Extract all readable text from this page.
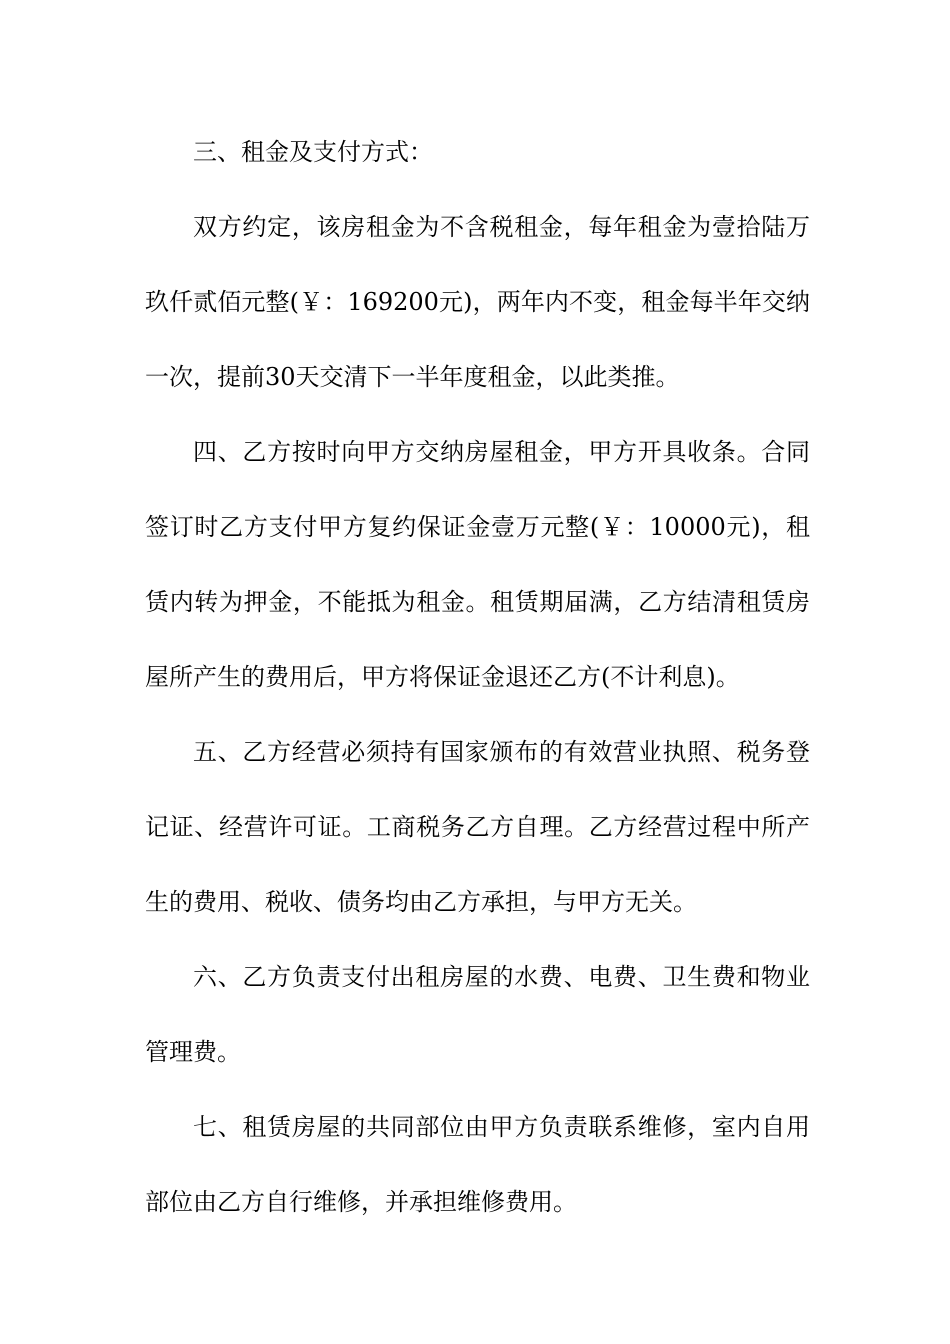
三、租金及支付方式：
双方约定，该房租金为不含税租金，每年租金为壹拾陆万
玖仟贰佰元整(￥：169200元)，两年内不变，租金每半年交纳
一次，提前30天交清下一半年度租金，以此类推。
四、乙方按时向甲方交纳房屋租金，甲方开具收条。合同
签订时乙方支付甲方复约保证金壹万元整(￥：10000元)，租
赁内转为押金，不能抵为租金。租赁期届满，乙方结清租赁房
屋所产生的费用后，甲方将保证金退还乙方(不计利息)。
五、乙方经营必须持有国家颁布的有效营业执照、税务登
记证、经营许可证。工商税务乙方自理。乙方经营过程中所产
生的费用、税收、债务均由乙方承担，与甲方无关。
六、乙方负责支付出租房屋的水费、电费、卫生费和物业
管理费。
七、租赁房屋的共同部位由甲方负责联系维修，室内自用
部位由乙方自行维修，并承担维修费用。
